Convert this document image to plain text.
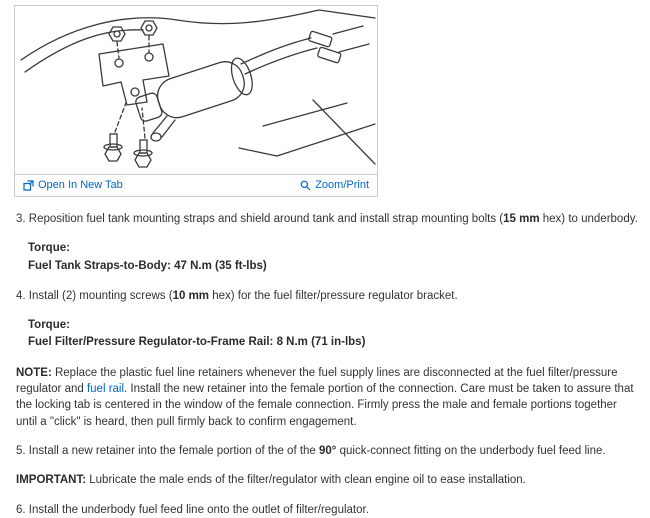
Open In New Tab	Zoom/Print

3. Reposition fuel tank mounting straps and shield around tank and install strap mounting bolts (15 mm hex) to underbody.

Torque:
Fuel Tank Straps-to-Body: 47 N.m (35 ft-lbs)

4. Install (2) mounting screws (10 mm hex) for the fuel filter/pressure regulator bracket.

Torque:
Fuel Filter/Pressure Regulator-to-Frame Rail: 8 N.m (71 in-lbs)

NOTE: Replace the plastic fuel line retainers whenever the fuel supply lines are disconnected at the fuel filter/pressure regulator and fuel rail. Install the new retainer into the female portion of the connection. Care must be taken to assure that the locking tab is centered in the window of the female connection. Firmly press the male and female portions together until a "click" is heard, then pull firmly back to confirm engagement.

5. Install a new retainer into the female portion of the of the 90° quick-connect fitting on the underbody fuel feed line.

IMPORTANT: Lubricate the male ends of the filter/regulator with clean engine oil to ease installation.

6. Install the underbody fuel feed line onto the outlet of filter/regulator.
